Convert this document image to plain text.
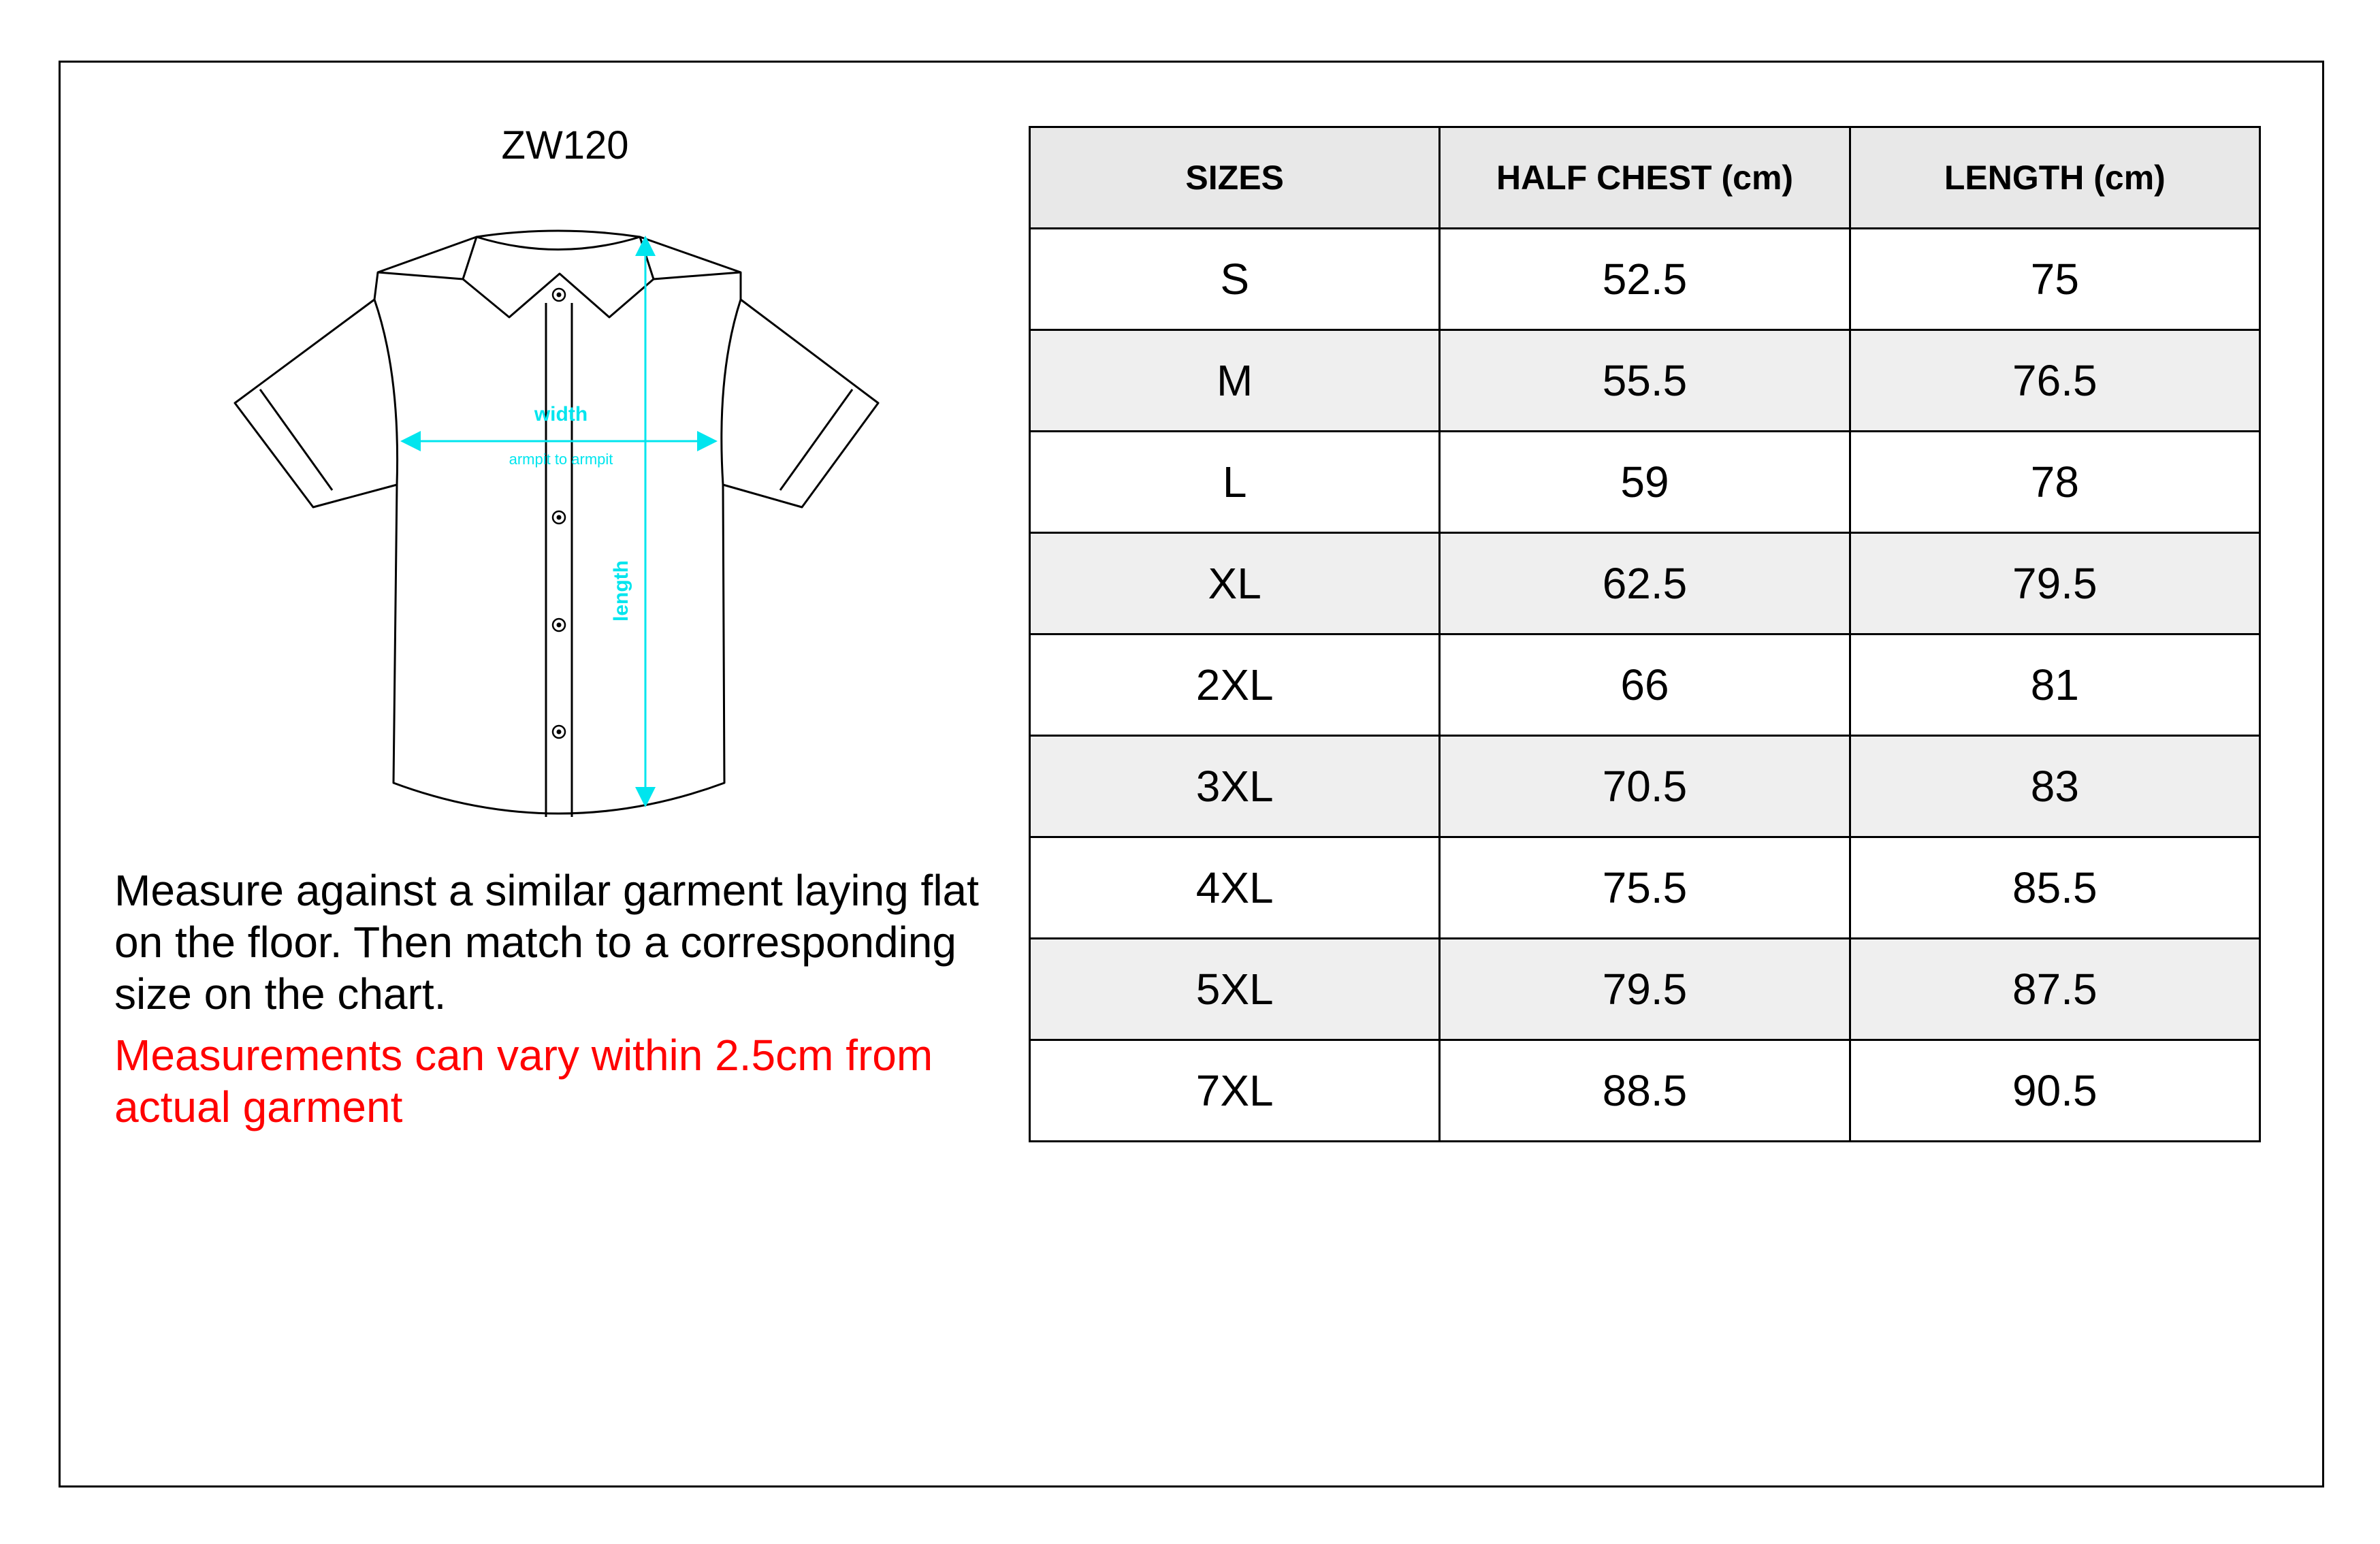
ZW120
width
armpit to armpit
length
Measure against a similar garment laying flat on the floor. Then match to a corresponding size on the chart.
Measurements can vary within 2.5cm from actual garment
SIZES	HALF CHEST (cm)	LENGTH (cm)
S	52.5	75
M	55.5	76.5
L	59	78
XL	62.5	79.5
2XL	66	81
3XL	70.5	83
4XL	75.5	85.5
5XL	79.5	87.5
7XL	88.5	90.5
